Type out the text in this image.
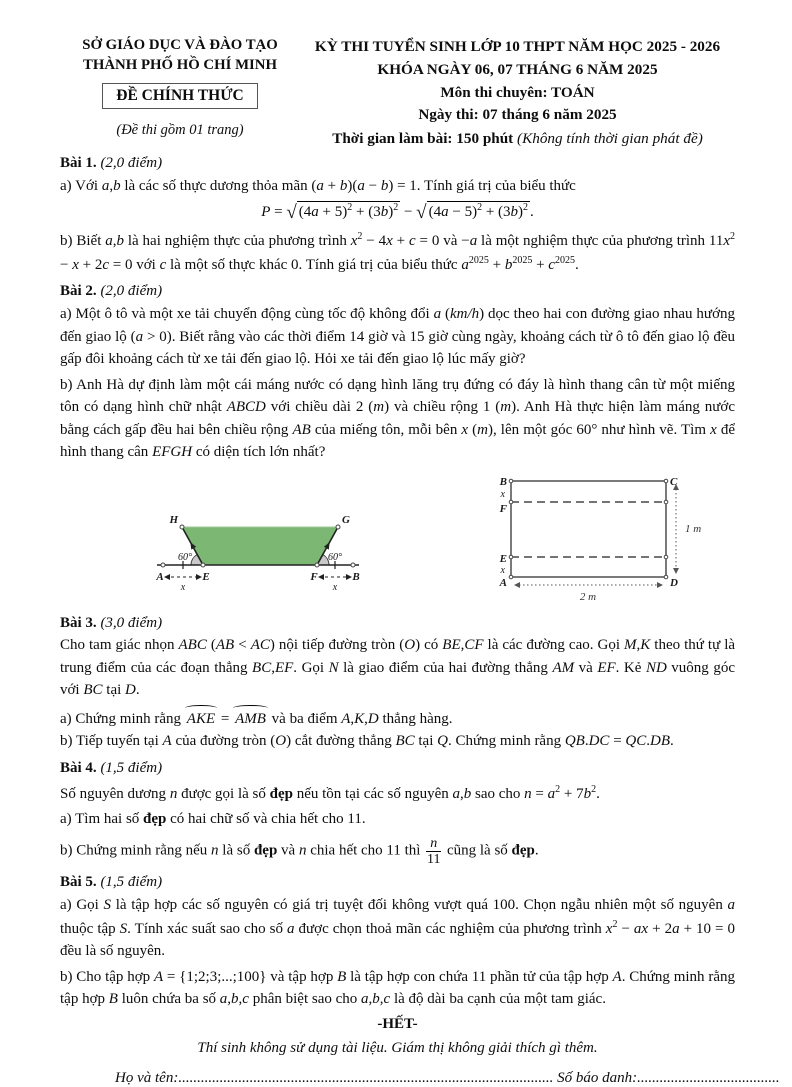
SỞ GIÁO DỤC VÀ ĐÀO TẠO
THÀNH PHỐ HỒ CHÍ MINH
ĐỀ CHÍNH THỨC
(Đề thi gồm 01 trang)
KỲ THI TUYỂN SINH LỚP 10 THPT NĂM HỌC 2025 - 2026
KHÓA NGÀY 06, 07 THÁNG 6 NĂM 2025
Môn thi chuyên: TOÁN
Ngày thi: 07 tháng 6 năm 2025
Thời gian làm bài: 150 phút (Không tính thời gian phát đề)
Bài 1. (2,0 điểm)

a) Với a,b là các số thực dương thỏa mãn (a + b)(a − b) = 1. Tính giá trị của biểu thức

P = √ $(4a + 5)^2 + (3b)^2$ − √ $(4a - 5)^2 + (3b)^2$ .

b) Biết a,b là hai nghiệm thực của phương trình $x^2 - 4x + c = 0$ và −a là một nghiệm thực của phương trình $11x^2 - x + 2c = 0$ với c là một số thực khác 0. Tính giá trị của biểu thức $a^{2025} + b^{2025} + c^{2025}$.

Bài 2. (2,0 điểm)

a) Một ô tô và một xe tải chuyển động cùng tốc độ không đổi a (km/h) dọc theo hai con đường giao nhau hướng đến giao lộ (a > 0). Biết rằng vào các thời điểm 14 giờ và 15 giờ cùng ngày, khoảng cách từ ô tô đến giao lộ đều gấp đôi khoảng cách từ xe tải đến giao lộ. Hỏi xe tải đến giao lộ lúc mấy giờ?

b) Anh Hà dự định làm một cái máng nước có dạng hình lăng trụ đứng có đáy là hình thang cân từ một miếng tôn có dạng hình chữ nhật ABCD với chiều dài 2 (m) và chiều rộng 1 (m). Anh Hà thực hiện làm máng nước bằng cách gấp đều hai bên chiều rộng AB của miếng tôn, mỗi bên x (m), lên một góc 60° như hình vẽ. Tìm x để hình thang cân EFGH có diện tích lớn nhất?

H	G
A	E	F	B
60°	60°
x	x
B	C
A	D
F
E
x
x
1 m
2 m
Bài 3. (3,0 điểm)

Cho tam giác nhọn ABC (AB < AC) nội tiếp đường tròn (O) có BE,CF là các đường cao. Gọi M,K theo thứ tự là trung điểm của các đoạn thẳng BC,EF. Gọi N là giao điểm của hai đường thẳng AM và EF. Kẻ ND vuông góc với BC tại D.

a) Chứng minh rằng AKE = AMB và ba điểm A,K,D thẳng hàng.

b) Tiếp tuyến tại A của đường tròn (O) cắt đường thẳng BC tại Q. Chứng minh rằng QB.DC = QC.DB.

Bài 4. (1,5 điểm)

Số nguyên dương n được gọi là số đẹp nếu tồn tại các số nguyên a,b sao cho $n = a^2 + 7b^2$.

a) Tìm hai số đẹp có hai chữ số và chia hết cho 11.

b) Chứng minh rằng nếu n là số đẹp và n chia hết cho 11 thì $\frac{n}{11}$ cũng là số đẹp.

Bài 5. (1,5 điểm)

a) Gọi S là tập hợp các số nguyên có giá trị tuyệt đối không vượt quá 100. Chọn ngẫu nhiên một số nguyên a thuộc tập S. Tính xác suất sao cho số a được chọn thoả mãn các nghiệm của phương trình $x^2$ − ax + 2a + 10 = 0 đều là số nguyên.

b) Cho tập hợp A = {1;2;3;...;100} và tập hợp B là tập hợp con chứa 11 phần tử của tập hợp A. Chứng minh rằng tập hợp B luôn chứa ba số a,b,c phân biệt sao cho a,b,c là độ dài ba cạnh của một tam giác.

-HẾT-
Thí sinh không sử dụng tài liệu. Giám thị không giải thích gì thêm.
Họ và tên:.................................................................................................... Số báo danh:......................................
